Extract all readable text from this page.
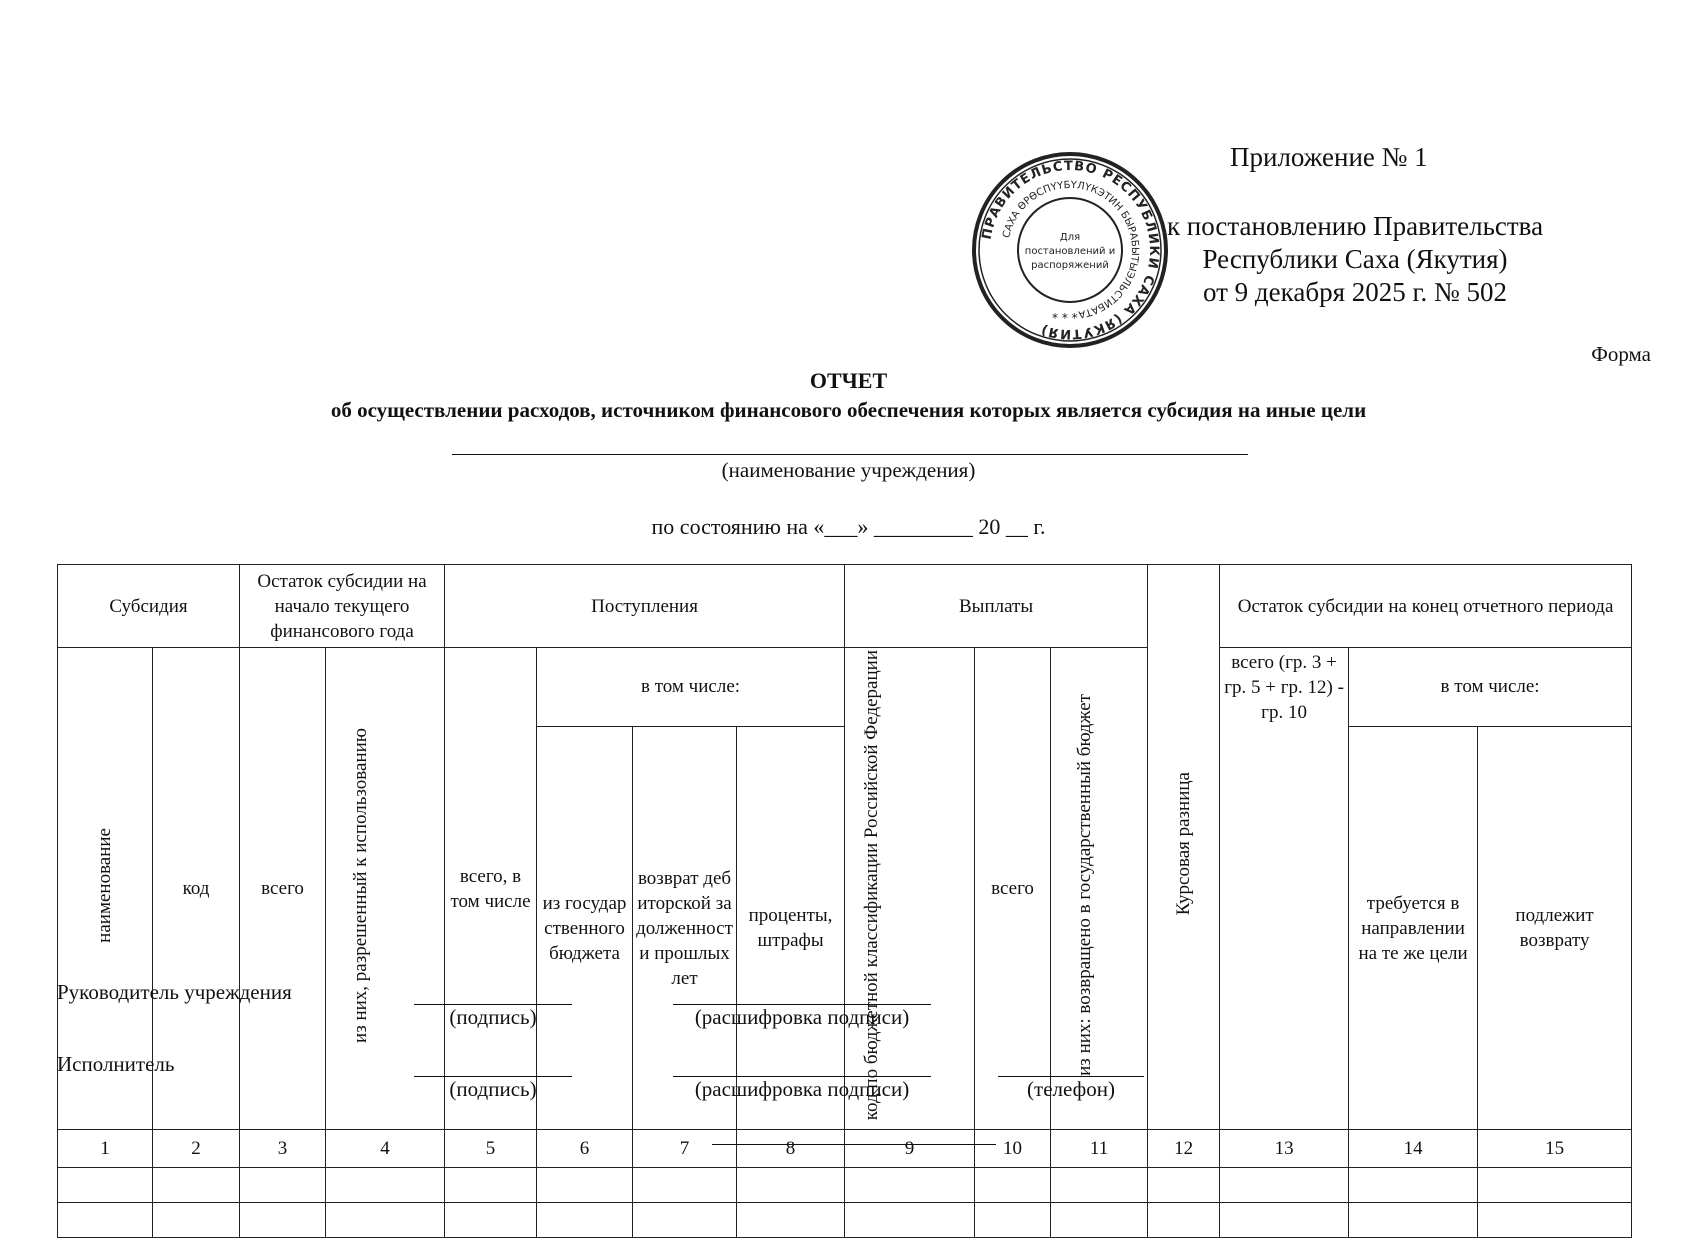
Приложение № 1
к постановлению Правительства
Республики Саха (Якутия)
от 9 декабря 2025 г. № 502
ПРАВИТЕЛЬСТВО РЕСПУБЛИКИ САХА (ЯКУТИЯ)
САХА ӨРӨСПҮҮБҮЛҮКЭТИН БЫРАБЫТЫЭЛЬСТИБАТА
Для
постановлений и
распоряжений
* * *
Форма
ОТЧЕТ
об осуществлении расходов, источником финансового обеспечения которых является субсидия на иные цели
(наименование учреждения)
по состоянию на «___» _________ 20 __ г.
Субсидия		Остаток субсидии на начало текущего финансового года		Поступления				Выплаты			Курсовая разница	Остаток субсидии на конец отчетного периода		
наименование	код	всего	из них, разрешенный к использованию	всего, в том числе	в том числе:			код по бюджетной классификации Российской Федерации	всего	из них: возвращено в государственный бюджет		всего (гр. 3 + гр. 5 + гр. 12) - гр. 10	в том числе:	
					из государственного бюджета	возврат дебиторской задолженности прошлых лет	проценты, штрафы						требуется в направлении на те же цели	подлежит возврату
1	2	3	4	5	6	7	8	9	10	11	12	13	14	15

Руководитель учреждения
(подпись)	(расшифровка подписи)
Исполнитель
(подпись)	(расшифровка подписи)	(телефон)
